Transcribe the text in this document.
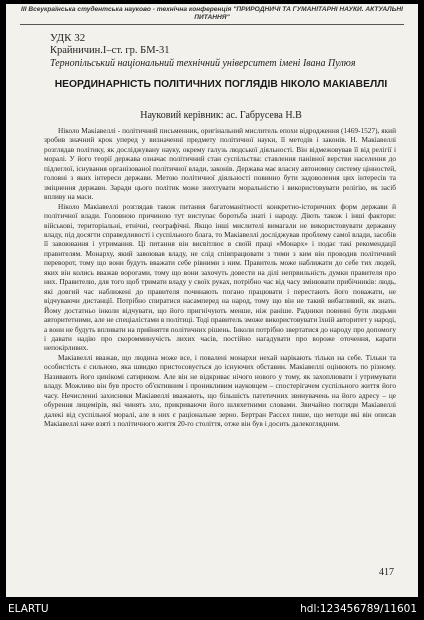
ІІІ Всеукраїнська студентська науково - технічна конференція "ПРИРОДНИЧІ ТА ГУМАНІТАРНІ НАУКИ. АКТУАЛЬНІ ПИТАННЯ"
УДК 32
Крайничин.І–ст. гр. БМ-31
Тернопільський національний технічний університет імені Івана Пулюя
НЕОРДИНАРНІСТЬ ПОЛІТИЧНИХ ПОГЛЯДІВ НІКОЛО МАКІАВЕЛЛІ
Науковий керівник: ас. Габрусева Н.В

Ніколо Макіавеллі - політичний письменник, оригінальний мислитель епохи відродження (1469-1527), який зробив значний крок уперед у визначенні предмету політичної науки, її методів і законів. Н. Макіавеллі розглядав політику, як досліджувану науку, окрему галузь людської діяльності. Він відмежовував її від релігії і моралі. У його теорії держава означає політичний стан суспільства: ставлення панівної верстви населення до підлеглої, існування організованої політичної влади, законів. Держава має власну автономну систему цінностей, головні з яких інтереси держави. Метою політичної діяльності повинно бути задоволення цих інтересів та зміцнення держави. Заради цього політик може знехтувати моральністю і використовувати релігію, як засіб впливу на маси.

Ніколо Макіавеллі розглядав також питання багатоманітності конкретно-історичних форм держави й політичної влади. Головною причиною тут виступає боротьба знаті і народу. Діють також і інші фактори: військові, територіальні, етнічні, географічні. Якщо інші мислителі вимагали не використовувати державну владу, під досягти справедливості і суспільного блага, то Макіавеллі досліджував проблему самої влади, засобів її завоювання і утримання. Ці питання він висвітлює в своїй праці «Монарх» і подає такі рекомендації правителям. Монарху, який завоював владу, не слід співпрацювати з тими з ким він проводив політичний переворот, тому що вони будуть вважати себе рівними з ним. Правитель може наближати до себе тих людей, яких він колись вважав ворогами, тому що вони захочуть довести на ділі непрвильність думки правителя про них. Правителю, для того щоб тримати владу у своїх руках, потрібно час від часу змінювати прибічників: людь, які довгий час наближені до правителя починають погано працювати і перестають його поважати, не відчуваючи дистанції. Потрібно спиратися насамперед на народ, тому що він не такий вибагливий, як знать. Йому достатньо інколи відчувати, що його пригнічують менше, ніж раніше. Радники повинні бути людьми авторитетними, але не спеціалістами в політиці. Тоді правитель зможе використовувати їхній авторитет у народі, а вони не будуть впливати на прийняття політичних рішень. Інколи потрібно звертатися до народу про допомогу і давати надію про скоромминучість лихих часів, постійно нагадувати про вороже оточення, карати непокірливих.

Макіавеллі вважав, що людина може все, і повалені монархи нехай нарікають тільки на себе. Тільки та особистість є сильною, яка швидко пристосовується до існуючих обставин. Макіавеллі оцінюють по різному. Називають його цинікомі сатириком. Але він не відкриває нічого нового у тому, як захоплювати і утримувати владу. Можливо він був просто об'єктивним і проникливим науковцем – спостерігачем суспільного життя його часу. Нечисленні захисники Макіавеллі вважають, що більшість патетичних звинувачень на його адресу – це обурення лицемірів, які чинять зло, прикриваючи його шляхетними словами. Звичайно погляди Макіавеллі далекі від суспільної моралі, але в них є раціональне зерно. Бертран Рассел пише, що методи які він описав Макіавеллі наче взяті з політичного життя 20-го століття, отже він був і досить далекоглядним.

417
ELARTU	hdl:123456789/11601
